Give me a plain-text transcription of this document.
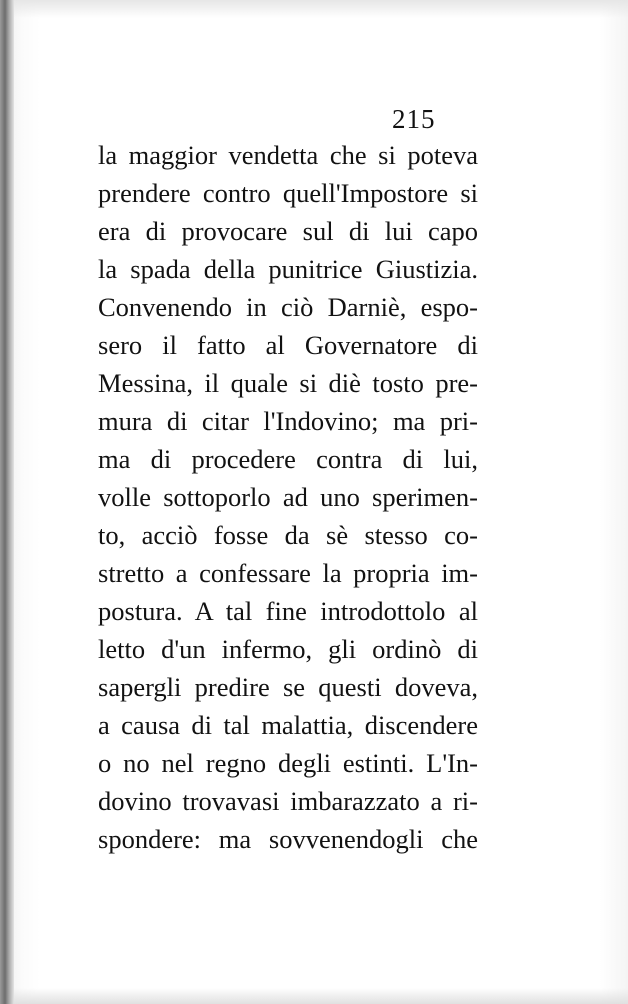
215

la maggior vendetta che si poteva
prendere contro quell'Impostore si
era di provocare sul di lui capo
la spada della punitrice Giustizia.
Convenendo in ciò Darniè, espo-
sero il fatto al Governatore di
Messina, il quale si diè tosto pre-
mura di citar l'Indovino; ma pri-
ma di procedere contra di lui,
volle sottoporlo ad uno sperimen-
to, acciò fosse da sè stesso co-
stretto a confessare la propria im-
postura. A tal fine introdottolo al
letto d'un infermo, gli ordinò di
sapergli predire se questi doveva,
a causa di tal malattia, discendere
o no nel regno degli estinti. L'In-
dovino trovavasi imbarazzato a ri-
spondere: ma sovvenendogli che
